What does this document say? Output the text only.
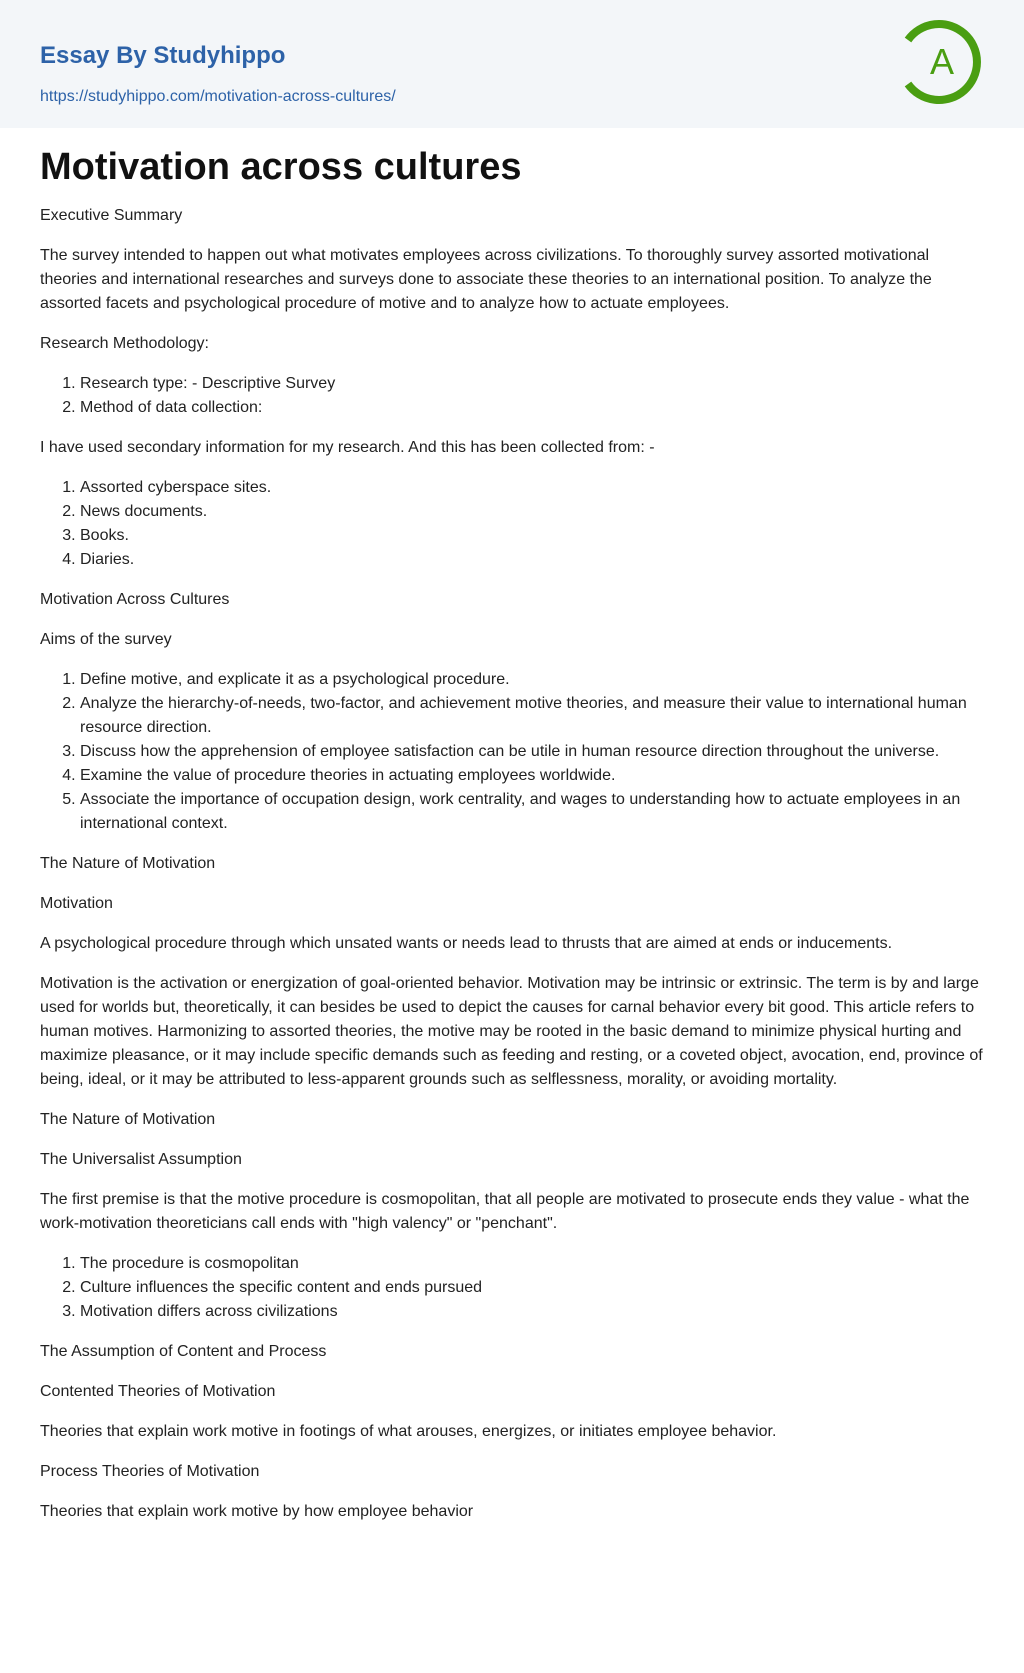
Essay By Studyhippo
https://studyhippo.com/motivation-across-cultures/
A
Motivation across cultures

Executive Summary

The survey intended to happen out what motivates employees across civilizations. To thoroughly survey assorted motivational theories and international researches and surveys done to associate these theories to an international position. To analyze the assorted facets and psychological procedure of motive and to analyze how to actuate employees.

Research Methodology:

1. Research type: - Descriptive Survey
2. Method of data collection:

I have used secondary information for my research. And this has been collected from: -

1. Assorted cyberspace sites.
2. News documents.
3. Books.
4. Diaries.

Motivation Across Cultures

Aims of the survey

1. Define motive, and explicate it as a psychological procedure.
2. Analyze the hierarchy-of-needs, two-factor, and achievement motive theories, and measure their value to international human resource direction.
3. Discuss how the apprehension of employee satisfaction can be utile in human resource direction throughout the universe.
4. Examine the value of procedure theories in actuating employees worldwide.
5. Associate the importance of occupation design, work centrality, and wages to understanding how to actuate employees in an international context.

The Nature of Motivation

Motivation

A psychological procedure through which unsated wants or needs lead to thrusts that are aimed at ends or inducements.

Motivation is the activation or energization of goal-oriented behavior. Motivation may be intrinsic or extrinsic. The term is by and large used for worlds but, theoretically, it can besides be used to depict the causes for carnal behavior every bit good. This article refers to human motives. Harmonizing to assorted theories, the motive may be rooted in the basic demand to minimize physical hurting and maximize pleasance, or it may include specific demands such as feeding and resting, or a coveted object, avocation, end, province of being, ideal, or it may be attributed to less-apparent grounds such as selflessness, morality, or avoiding mortality.

The Nature of Motivation

The Universalist Assumption

The first premise is that the motive procedure is cosmopolitan, that all people are motivated to prosecute ends they value - what the work-motivation theoreticians call ends with "high valency" or "penchant".

1. The procedure is cosmopolitan
2. Culture influences the specific content and ends pursued
3. Motivation differs across civilizations

The Assumption of Content and Process

Contented Theories of Motivation

Theories that explain work motive in footings of what arouses, energizes, or initiates employee behavior.

Process Theories of Motivation

Theories that explain work motive by how employee behavior
